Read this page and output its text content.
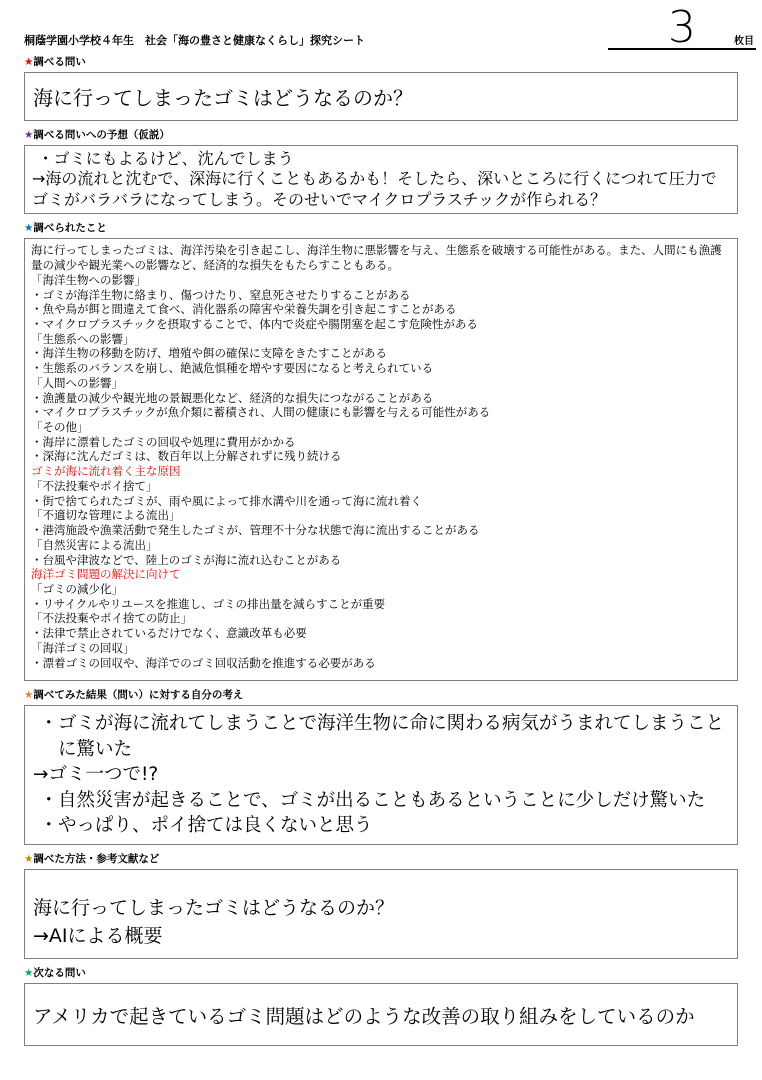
3	枚目
桐蔭学園小学校４年生　社会「海の豊さと健康なくらし」探究シート
★調べる問い
海に行ってしまったゴミはどうなるのか？
★調べる問いへの予想（仮説）
・ゴミにもよるけど、沈んでしまう
→海の流れと沈むで、深海に行くこともあるかも！そしたら、深いところに行くにつれて圧力でゴミがバラバラになってしまう。そのせいでマイクロプラスチックが作られる？
★調べられたこと
海に行ってしまったゴミは、海洋汚染を引き起こし、海洋生物に悪影響を与え、生態系を破壊する可能性がある。また、人間にも漁護量の減少や観光業への影響など、経済的な損失をもたらすこともある。
「海洋生物への影響」
・ゴミが海洋生物に絡まり、傷つけたり、窒息死させたりすることがある
・魚や鳥が餌と間違えて食べ、消化器系の障害や栄養失調を引き起こすことがある
・マイクロプラスチックを摂取することで、体内で炎症や腸閉塞を起こす危険性がある
「生態系への影響」
・海洋生物の移動を防げ、増殖や餌の確保に支障をきたすことがある
・生態系のバランスを崩し、絶滅危惧種を増やす要因になると考えられている
「人間への影響」
・漁護量の減少や観光地の景観悪化など、経済的な損失につながることがある
・マイクロプラスチックが魚介類に蓄積され、人間の健康にも影響を与える可能性がある
「その他」
・海岸に漂着したゴミの回収や処理に費用がかかる
・深海に沈んだゴミは、数百年以上分解されずに残り続ける
ゴミが海に流れ着く主な原因
「不法投棄やポイ捨て」
・街で捨てられたゴミが、雨や風によって排水溝や川を通って海に流れ着く
「不適切な管理による流出」
・港湾施設や漁業活動で発生したゴミが、管理不十分な状態で海に流出することがある
「自然災害による流出」
・台風や津波などで、陸上のゴミが海に流れ込むことがある
海洋ゴミ問題の解決に向けて
「ゴミの減少化」
・リサイクルやリユースを推進し、ゴミの排出量を減らすことが重要
「不法投棄やポイ捨ての防止」
・法律で禁止されているだけでなく、意識改革も必要
「海洋ゴミの回収」
・漂着ゴミの回収や、海洋でのゴミ回収活動を推進する必要がある
★調べてみた結果（問い）に対する自分の考え
・ゴミが海に流れてしまうことで海洋生物に命に関わる病気がうまれてしまうことに驚いた
→ゴミ一つで!?
・自然災害が起きることで、ゴミが出ることもあるということに少しだけ驚いた
・やっぱり、ポイ捨ては良くないと思う
★調べた方法・参考文献など
海に行ってしまったゴミはどうなるのか？
→AIによる概要
★次なる問い
アメリカで起きているゴミ問題はどのような改善の取り組みをしているのか
